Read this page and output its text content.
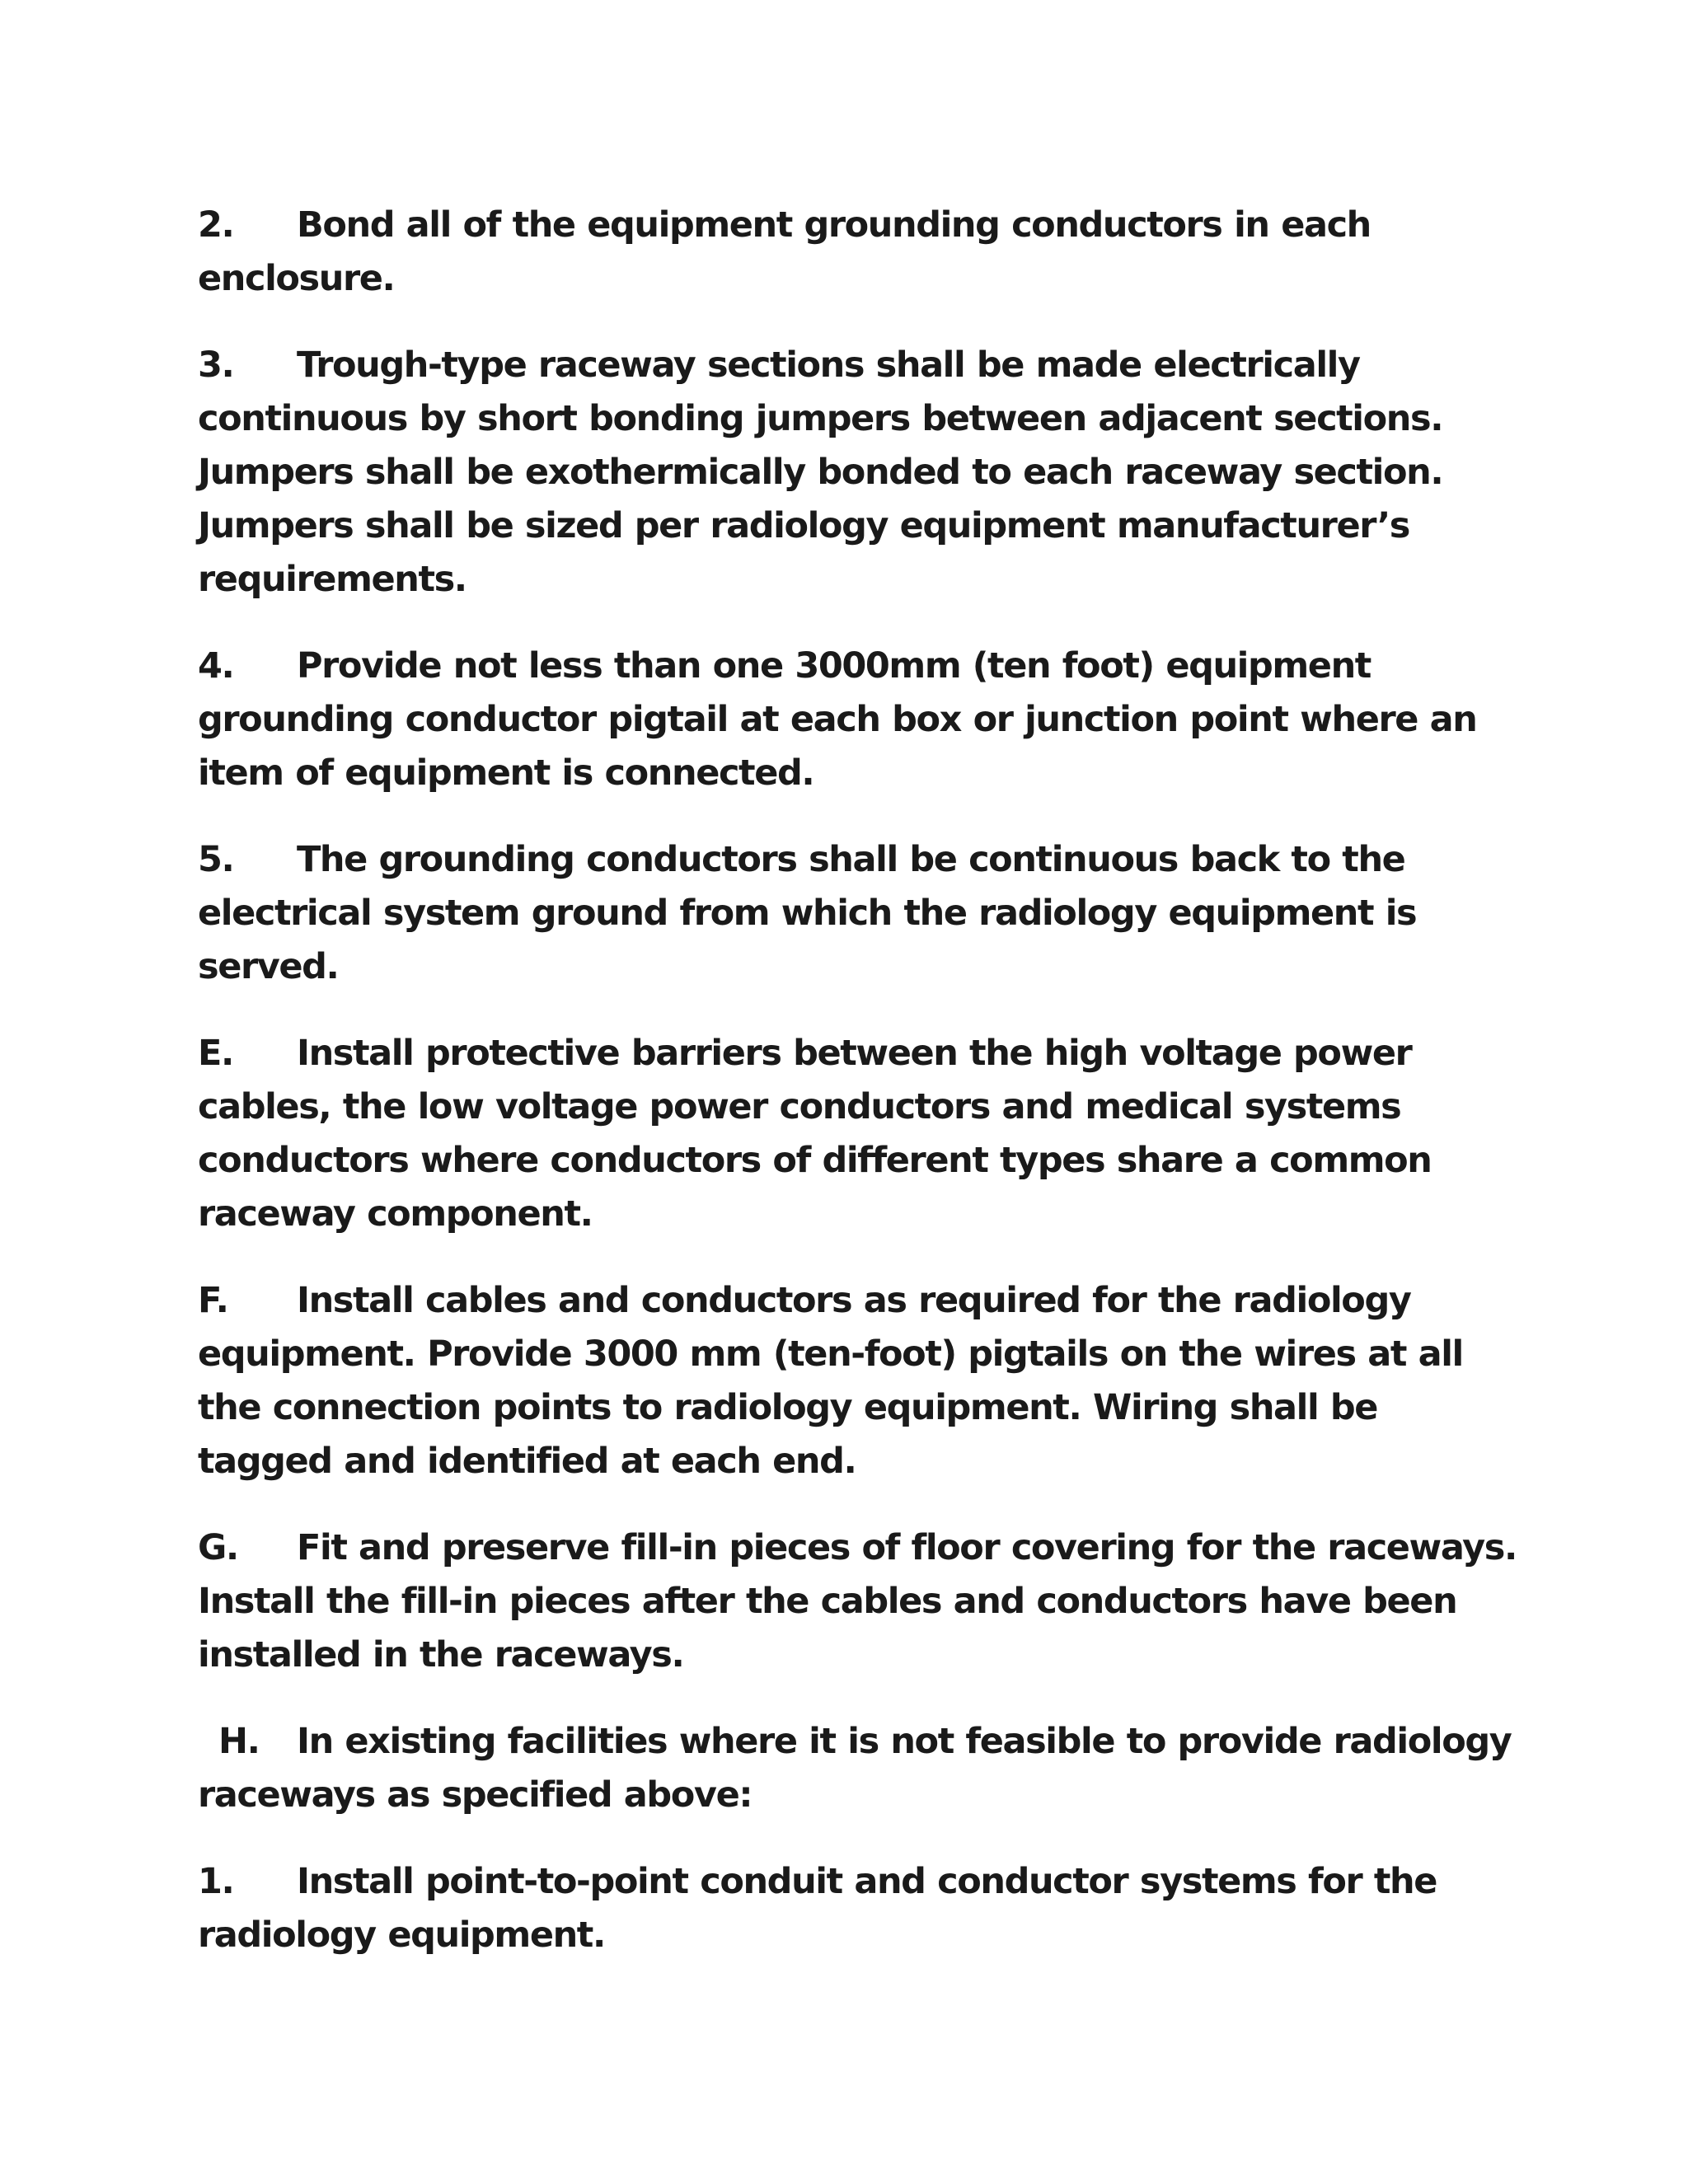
2. Bond all of the equipment grounding conductors in each enclosure.

3. Trough-type raceway sections shall be made electrically continuous by short bonding jumpers between adjacent sections. Jumpers shall be exothermically bonded to each raceway section. Jumpers shall be sized per radiology equipment manufacturer’s requirements.

4. Provide not less than one 3000mm (ten foot) equipment grounding conductor pigtail at each box or junction point where an item of equipment is connected.

5. The grounding conductors shall be continuous back to the electrical system ground from which the radiology equipment is served.

E. Install protective barriers between the high voltage power cables, the low voltage power conductors and medical systems conductors where conductors of different types share a common raceway component.

F. Install cables and conductors as required for the radiology equipment. Provide 3000 mm (ten-foot) pigtails on the wires at all the connection points to radiology equipment. Wiring shall be tagged and identified at each end.

G. Fit and preserve fill-in pieces of floor covering for the raceways. Install the fill-in pieces after the cables and conductors have been installed in the raceways.

H. In existing facilities where it is not feasible to provide radiology raceways as specified above:

1. Install point-to-point conduit and conductor systems for the radiology equipment.
